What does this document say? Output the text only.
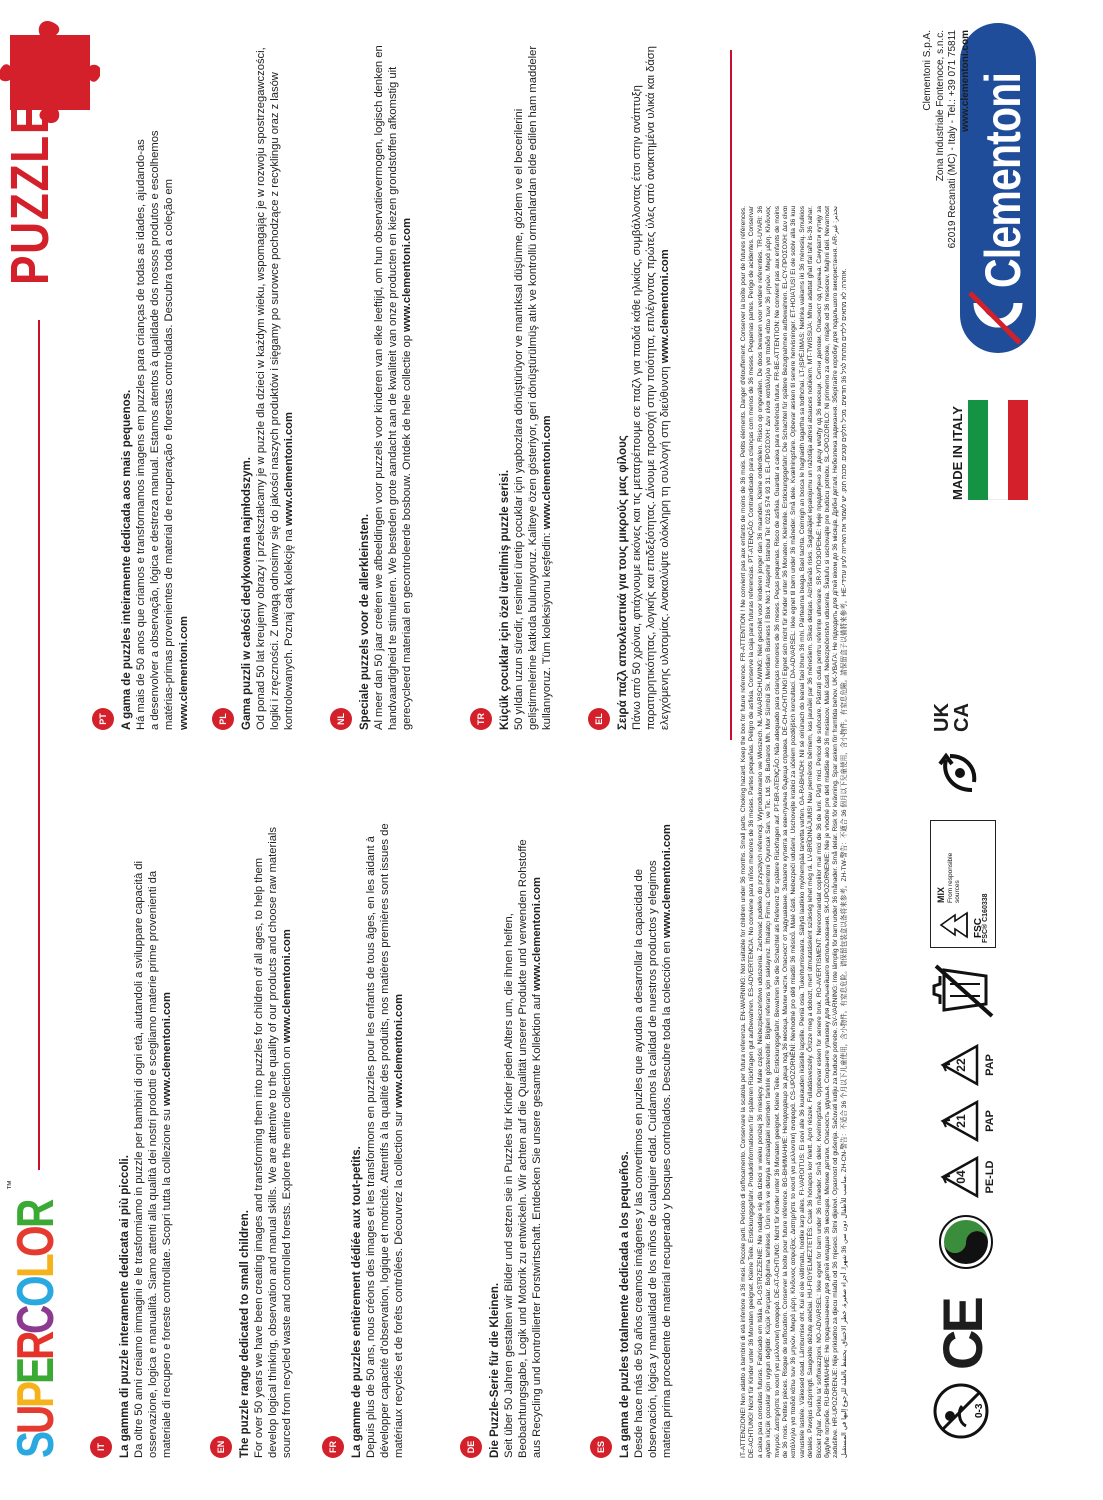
SUPERCOLOR
™
PUZZLE
IT	La gamma di puzzle interamente dedicata ai più piccoli. Da oltre 50 anni creiamo immagini e le trasformiamo in puzzle per bambini di ogni età, aiutandoli a sviluppare capacità di osservazione, logica e manualità. Siamo attenti alla qualità dei nostri prodotti e scegliamo materie prime provenienti da materiale di recupero e foreste controllate. Scopri tutta la collezione su www.clementoni.com
EN	The puzzle range dedicated to small children. For over 50 years we have been creating images and transforming them into puzzles for children of all ages, to help them develop logical thinking, observation and manual skills. We are attentive to the quality of our products and choose raw materials sourced from recycled waste and controlled forests. Explore the entire collection on www.clementoni.com
FR	La gamme de puzzles entièrement dédiée aux tout-petits. Depuis plus de 50 ans, nous créons des images et les transformons en puzzles pour les enfants de tous âges, en les aidant à développer capacité d'observation, logique et motricité. Attentifs à la qualité des produits, nos matières premières sont issues de matériaux recyclés et de forêts contrôlées. Découvrez la collection sur www.clementoni.com
DE	Die Puzzle-Serie für die Kleinen. Seit über 50 Jahren gestalten wir Bilder und setzen sie in Puzzles für Kinder jeden Alters um, die ihnen helfen, Beobachtungsgabe, Logik und Motorik zu entwickeln. Wir achten auf die Qualität unserer Produkte und verwenden Rohstoffe aus Recycling und kontrollierter Forstwirtschaft. Entdecken Sie unsere gesamte Kollektion auf www.clementoni.com
ES	La gama de puzles totalmente dedicada a los pequeños. Desde hace más de 50 años creamos imágenes y las convertimos en puzles que ayudan a desarrollar la capacidad de observación, lógica y manualidad de los niños de cualquier edad. Cuidamos la calidad de nuestros productos y elegimos materia prima procedente de material recuperado y bosques controlados. Descubre toda la colección en www.clementoni.com
PT	A gama de puzzles inteiramente dedicada aos mais pequenos. Há mais de 50 anos que criamos e transformamos imagens em puzzles para crianças de todas as idades, ajudando-as a desenvolver a observação, lógica e destreza manual. Estamos atentos à qualidade dos nossos produtos e escolhemos matérias-primas provenientes de material de recuperação e florestas controladas. Descubra toda a coleção em www.clementoni.com	PL	Gama puzzli w całości dedykowana najmłodszym. Od ponad 50 lat kreujemy obrazy i przekształcamy je w puzzle dla dzieci w każdym wieku, wspomagając je w rozwoju spostrzegawczości, logiki i zręczności. Z uwagą odnosimy się do jakości naszych produktów i sięgamy po surowce pochodzące z recyklingu oraz z lasów kontrolowanych. Poznaj całą kolekcję na www.clementoni.com
NL	Speciale puzzels voor de allerkleinsten. Al meer dan 50 jaar creëren we afbeeldingen voor puzzels voor kinderen van elke leeftijd, om hun observatievermogen, logisch denken en handvaardigheid te stimuleren. We besteden grote aandacht aan de kwaliteit van onze producten en kiezen grondstoffen afkomstig uit gerecycleerd materiaal en gecontroleerde bosbouw. Ontdek de hele collectie op www.clementoni.com
TR	Küçük çocuklar için özel üretilmiş puzzle serisi. 50 yıldan uzun süredir, resimleri üretip çocuklar için yapbozlara dönüştürüyor ve mantıksal düşünme, gözlem ve el becerilerini geliştirmelerine katkıda bulunuyoruz. Kaliteye özen gösteriyor, geri dönüştürülmüş atık ve kontrollü ormanlardan elde edilen ham maddeler kullanıyoruz. Tüm koleksiyonu keşfedin: www.clementoni.com
EL	Σειρά παζλ αποκλειστικά για τους μικρούς μας φίλους Πάνω από 50 χρόνια, φτιάχνουμε εικόνες και τις μετατρέπουμε σε παζλ για παιδιά κάθε ηλικίας, συμβάλλοντας έτσι στην ανάπτυξη παρατηρητικότητας, λογικής και επιδεξιότητας. Δίνουμε προσοχή στην ποιότητα, επιλέγοντας πρώτες ύλες από ανακτημένα υλικά και δάση ελεγχόμενης υλοτομίας. Ανακαλύψτε ολόκληρη τη συλλογή στη διεύθυνση www.clementoni.com	IT-ATTENZIONE! Non adatto a bambini di età inferiore a 36 mesi. Piccole parti. Pericolo di soffocamento. Conservare la scatola per futura referenza. EN-WARNING: Not suitable for children under 36 months. Small parts. Choking hazard. Keep the box for future reference. FR-ATTENTION ! Ne convient pas aux enfants de moins de 36 mois. Petits éléments. Danger d'étouffement. Conserver la boîte pour de futures références. DE-ACHTUNG! Nicht für Kinder unter 36 Monaten geeignet. Kleine Teile. Erstickungsgefahr. Produktinformationen für späteren Rückfragen gut aufbewahren. ES-ADVERTENCIA: No conviene para niños menores de 36 meses. Partes pequeñas. Peligro de asfixia. Conserve la caja para futuras referencias. PT-ATENÇÃO: Contraindicado para crianças com menos de 36 meses. Pequenas partes. Perigo de acidentes. Conservar a caixa para consultas futuras. Fabricado em Itália. PL-OSTRZEŻENIE: Nie nadaje się dla dzieci w wieku poniżej 36 miesięcy. Małe części. Niebezpieczeństwo uduszenia. Zachować pudełko do przyszłych referencji. Wyprodukowano we Włoszech. NL-WAARSCHUWING: Niet geschikt voor kinderen jonger dan 36 maanden. Kleine onderdelen. Risico op ongevallen. De doos bewaren voor verdere referenties. TR-UYARI: 36 aydan küçük çocuklar için uygun değildir. Küçük Parçalar. Boğulma tehlikesi. Ürün renk ve detayla ambalajdaki resimden farklılık gösterebilir. Bilgileri referans için saklayınız. İthalatçı Firma: Clementoni Oyuncak San. ve Tic. Ltd. Şti. Barbaros Mh. Mor Sümbül Sk. Meridian Business İ Blok No:1 Ataşehir İstanbul Tel: 0216 574 93 31. EL-ΠΡΟΣΟΧΗ: Δεν είναι κατάλληλο για παιδιά κάτω των 36 μηνών. Μικρά μέρη. Κίνδυνος πνιγμού. Διατηρήστε το κουτί για μελλοντική αναφορά. DE-AT-ACHTUNG: Nicht für Kinder unter 36 Monaten geeignet. Kleine Teile. Erstickungsgefahr. Bewahren Sie die Schachtel als Referenz für spätere Rückfragen auf. PT-BR-ATENÇÃO: Não adequado para crianças menores de 36 meses. Peças pequenas. Risco de asfixia. Guardar a caixa para referência futura. FR-BE-ATTENTION: Ne convient pas aux enfants de moins de 36 mois. Petites pièces. Risque de suffocation. Conserver la boîte pour future référence. BG-ВНИМАНИЕ: Неподходящо за деца под 36 месеца. Малки части. Опасност от задушаване. Запазете кутията за евентуална бъдеща справка. DE-CH-ACHTUNG! Eignet sich nicht für Kinder unter 36 Monaten. Kleinteile. Erstickungsgefahr. Die Schachtel für spätere Bezugnahmen aufbewahren. EL-CY-ΠΡΟΣΟΧΗ: Δεν είναι κατάλληλο για παιδιά κάτω των 36 μηνών. Μικρά μέρη. Κίνδυνος ασφυξίας. Διατηρήστε το κουτί για μελλοντική αναφορά. CS-UPOZORNĚNÍ: Nevhodné pro děti mladší 36 měsíců. Malé části. Nebezpečí udušení. Uschovejte krabici za účelem pozdějších konzultací. DA-ADVARSEL: Ikke egnet til børn under 36 måneder. Små dele. Kvælningsfare. Opbevar æsken til senere henvisninger. ET-HOIATUS! Ei ole sobiv alla 36 kuu vanustele lastele. Väikesed osad. Lämbumise oht. Kui ei ole vältimatu, hoidke karp alles. FI-VAROITUS: Ei sovi alle 36 kuukauden ikäisille lapsille. Pieniä osia. Tukehtumisvaara. Säilytä laatikko myöhempää tarvetta varten. GA-RABHADH: Níl sé oiriúnach do leanaí faoi bhun 36 mhí. Páirteanna beaga. Baol tachta. Coinnigh an bosca le haghaidh tagartha sa todhchaí. LT-ĮSPĖJIMAS: Netinka vaikams iki 36 mėnesių. Smulkios detalės. Pavojus užspringti. Saugokite dėžutę ateičiai. HU-FIGYELMEZTETÉS: Csak 36 hónapos kor felett. Apró részek. Fulladásveszély. Őrizze meg a dobozt, mert útmutatásként szükség lehet még rá. LV-BRĪDINĀJUMS! Nav piemērots bērniem, kas jaunāki par 36 mēnešiem. Sīkas detaļas. Aizrīšanās risks. Saglabājiet iepakojumu un ražotāja adresi atsauces nolūkiem. MT-TWISSIJA: Mhux adattat għal tfal taħt is-36 xahar. Biċċiet żgħar. Periklu ta' soffokazzjoni. NO-ADVARSEL: Ikke egnet for barn under 36 måneder. Små deler. Kvelningsfare. Oppbevar esken for senere bruk. RO-AVERTISMENT: Nerecomandat copiilor mai mici de 36 de luni. Părți mici. Pericol de sufocare. Păstrați cutia pentru referințe ulterioare. SR-УПОЗОРЕЊЕ: Није предвиђено за децу млађу од 36 месеци. Ситни делови. Опасност од гушења. Сачувати кутију за будуће потребе. RU-ВНИМАНИЕ: Не предназначено для детей младше 36 месяцев. Мелкие детали. Опасность удушья. Сохраните упаковку для дальнейшего использования. SK-UPOZORNENIE: Nie je vhodné pre deti mladšie ako 36 mesiacov. Malé časti. Nebezpečenstvo udusenia. Škatuľu si uschovajte pre budúcu potrebu. SL-OPOZORILO: Ni primerno za otroke, mlajše od 36 mesecev. Majhni deli. Nevarnost zadušitve. HR-UPOZORENJE: Nije prikladno za djecu mlađu od 36 mjeseci. Sitni dijelovi. Opasnost od gušenja. Sačuvati kutiju za buduće potrebe. SV-VARNING: Inte lämplig för barn under 36 månader. Små delar. Risk för kvävning. Spar asken för framtida behov. UK-УВАГА: Не підходить для дітей віком до 36 місяців. Дрібні деталі. Небезпека задихання. Зберігайте коробку для подальшого використання. AR-تحذير: غير مناسب للأطفال دون سن 36 شهرا. أجزاء صغيرة. خطر الاختناق. يحتفظ بالعلبة للرجوع إليها في المستقبل. ZH-CN-警告：不适合 36 个月以下儿童使用，含小物件。有窒息危险。请保留包装盒以备将来参考。ZH-TW-警告：不適合 36 個月以下兒童使用，含小物件。有窒息危險。請保留盒子以備將來參考。HE-אזהרה: לא מתאים לילדים מתחת לגיל 36 חודשים. מכיל חלקים קטנים. סכנת חנק. יש לשמור את האריזה לעיון עתידי.
0-3
CE
04 PE-LD
21 PAP
22 PAP
FSC
MIX From responsible sources
FSC® C160338
UK
CA
MADE IN ITALY
Clementoni
Clementoni S.p.A. Zona Industriale Fontenoce, s.n.c. 62019 Recanati (MC) - Italy - Tel.: +39 071 75811 www.clementoni.com
